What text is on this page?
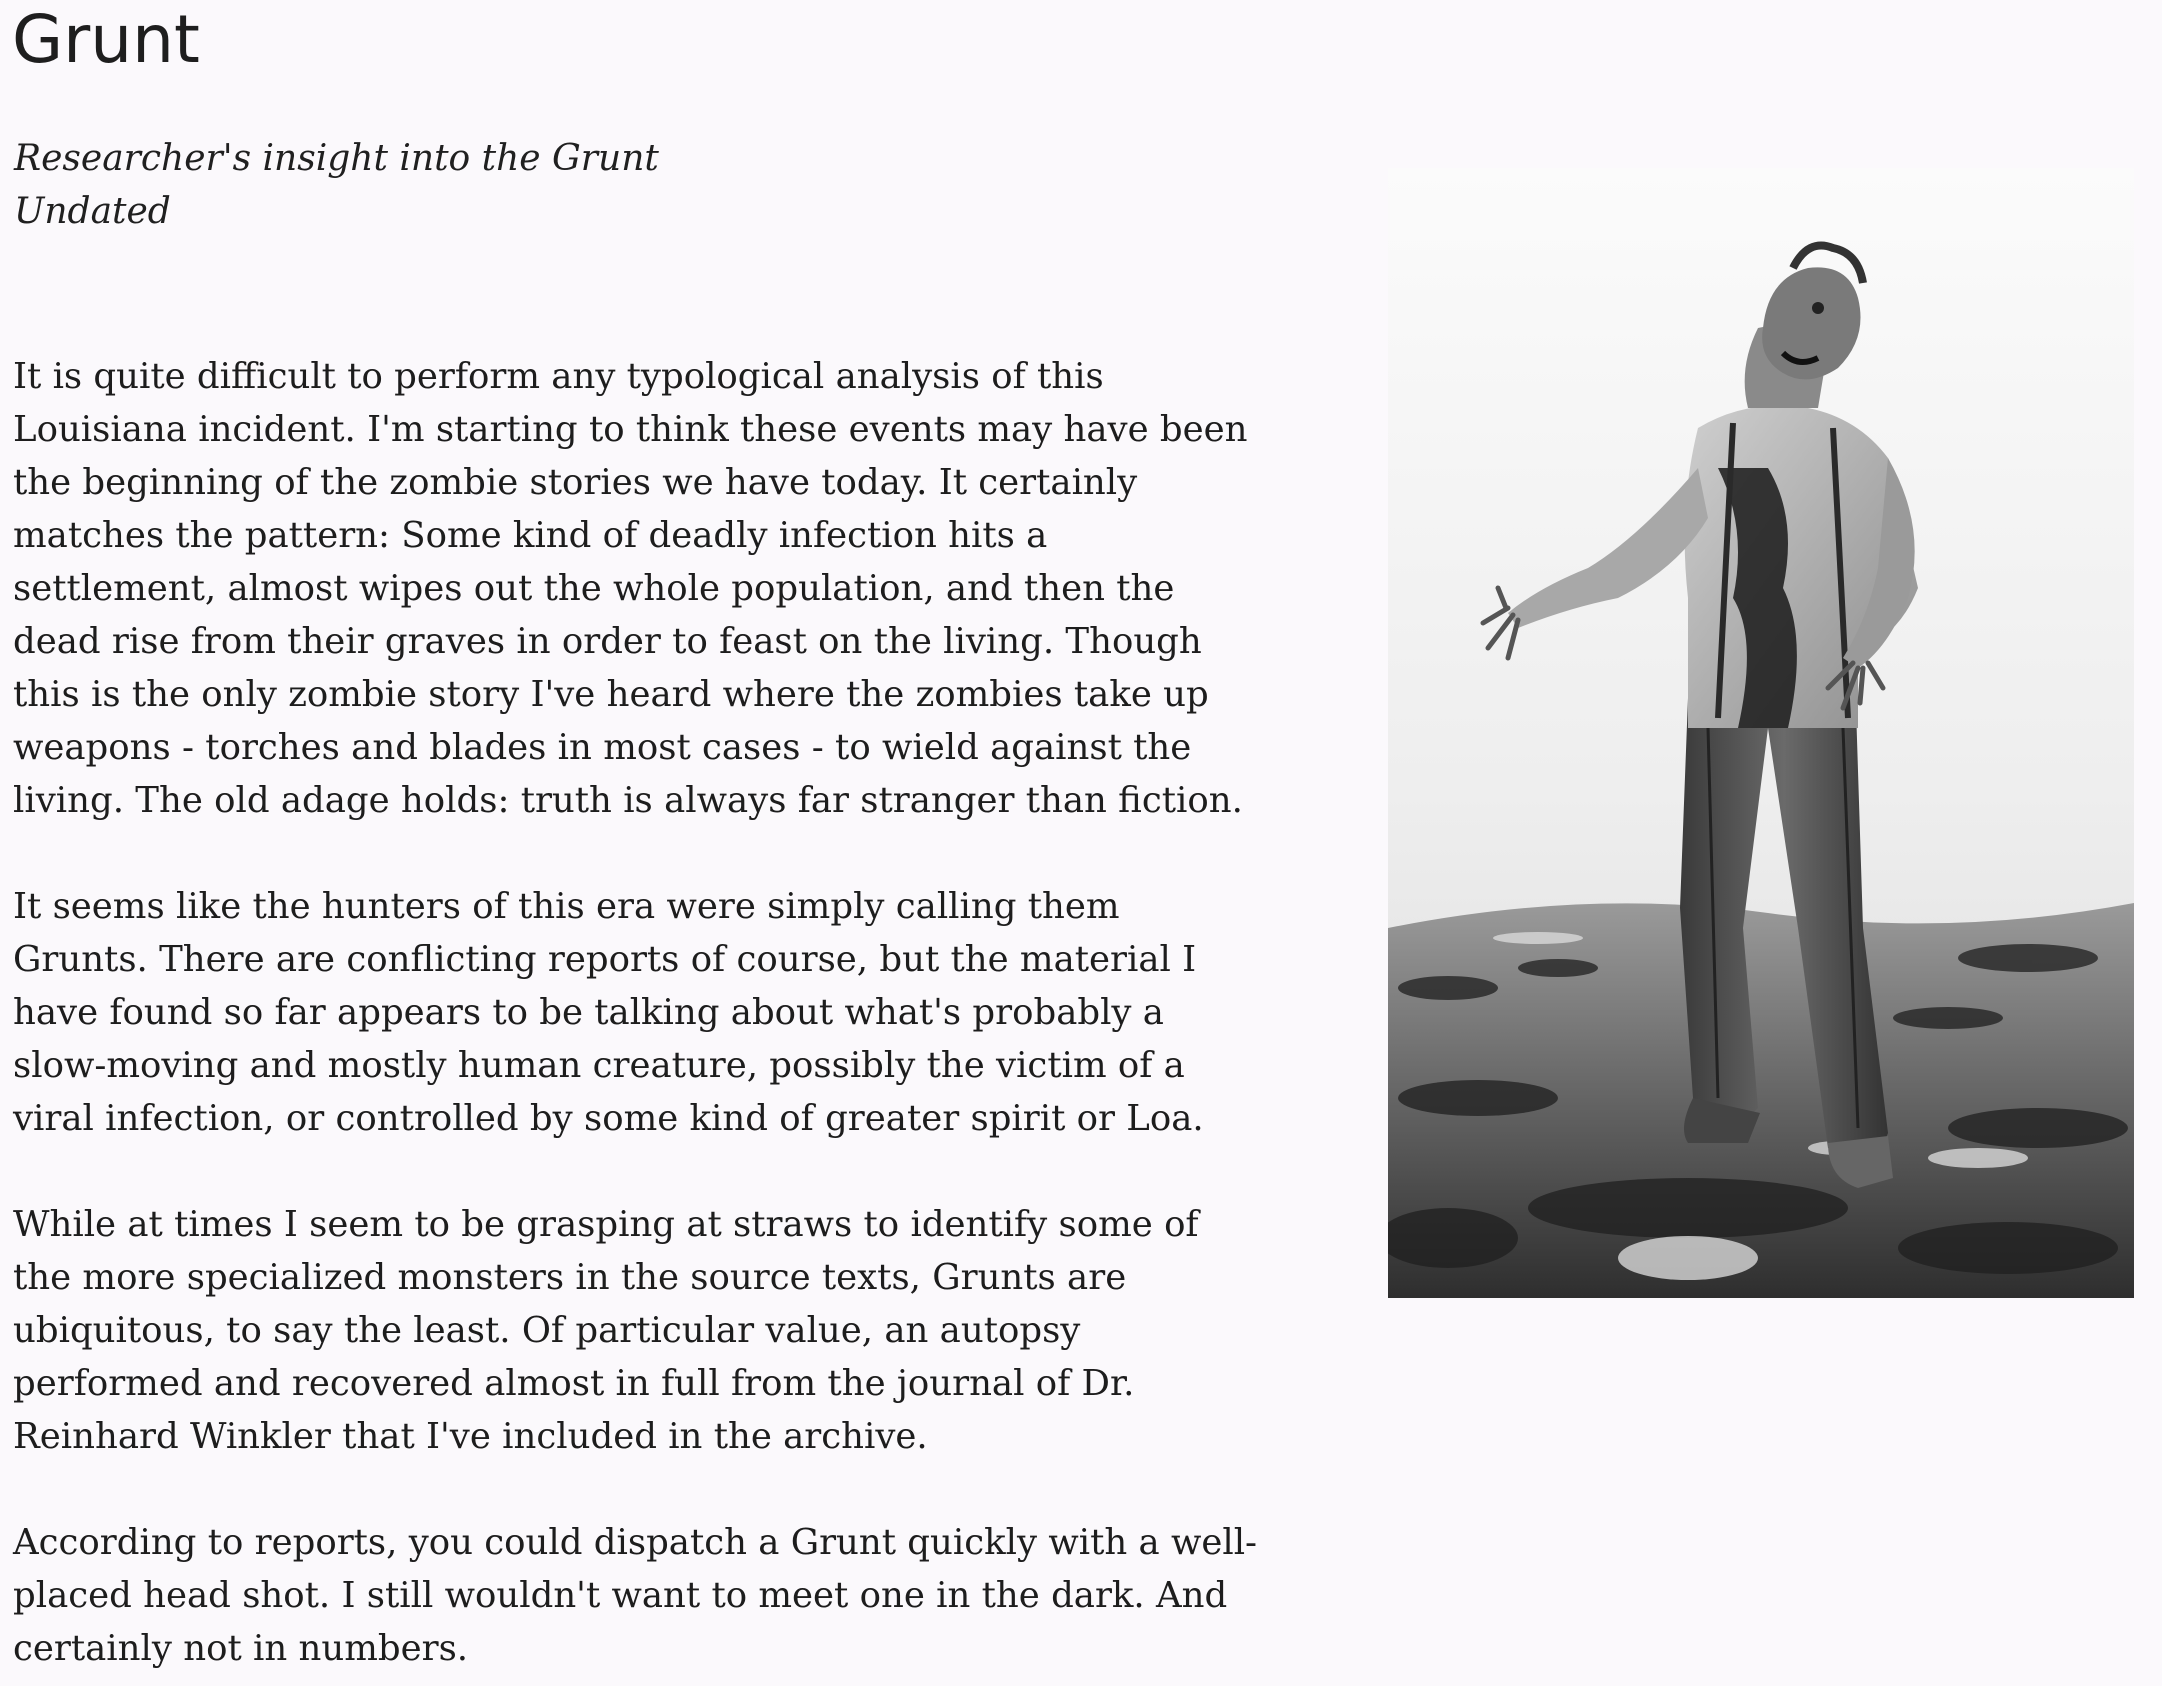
Grunt
Researcher's insight into the Grunt
Undated

It is quite difficult to perform any typological analysis of this Louisiana incident. I'm starting to think these events may have been the beginning of the zombie stories we have today. It certainly matches the pattern: Some kind of deadly infection hits a settlement, almost wipes out the whole population, and then the dead rise from their graves in order to feast on the living. Though this is the only zombie story I've heard where the zombies take up weapons - torches and blades in most cases - to wield against the living. The old adage holds: truth is always far stranger than fiction.

It seems like the hunters of this era were simply calling them Grunts. There are conflicting reports of course, but the material I have found so far appears to be talking about what's probably a slow-moving and mostly human creature, possibly the victim of a viral infection, or controlled by some kind of greater spirit or Loa.

While at times I seem to be grasping at straws to identify some of the more specialized monsters in the source texts, Grunts are ubiquitous, to say the least. Of particular value, an autopsy performed and recovered almost in full from the journal of Dr. Reinhard Winkler that I've included in the archive.

According to reports, you could dispatch a Grunt quickly with a well-placed head shot. I still wouldn't want to meet one in the dark. And certainly not in numbers.
